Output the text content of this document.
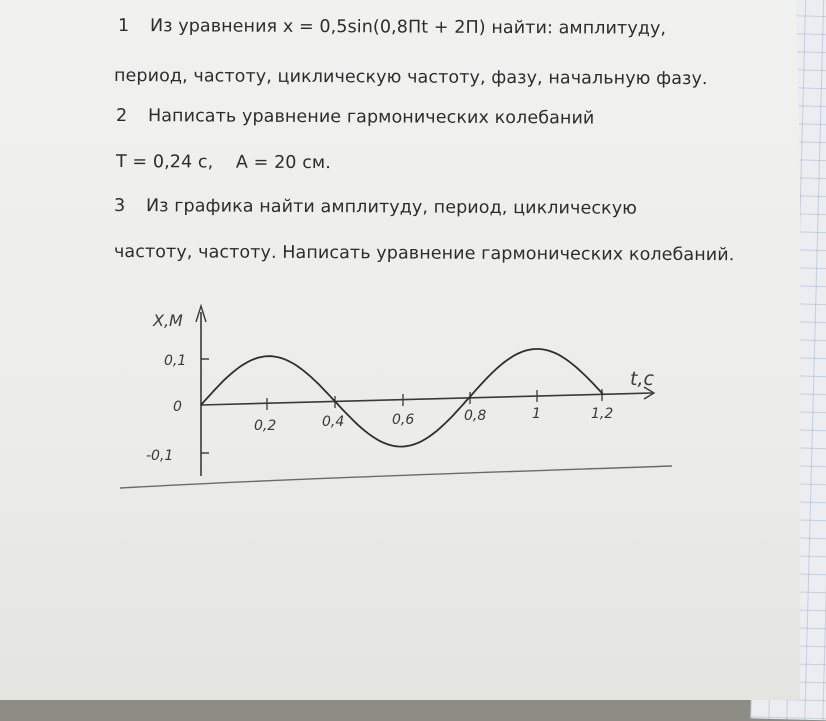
1 Из уравнения x = 0,5sin(0,8Пt + 2П) найти: амплитуду,
период, частоту, циклическую частоту, фазу, начальную фазу.
2 Написать уравнение гармонических колебаний
T = 0,24 с,    A = 20 см.
3 Из графика найти амплитуду, период, циклическую
частоту, частоту. Написать уравнение гармонических колебаний.
Х,М
t,с
0,1
0
-0,1
0,2	0,4	0,6	0,8	1	1,2
